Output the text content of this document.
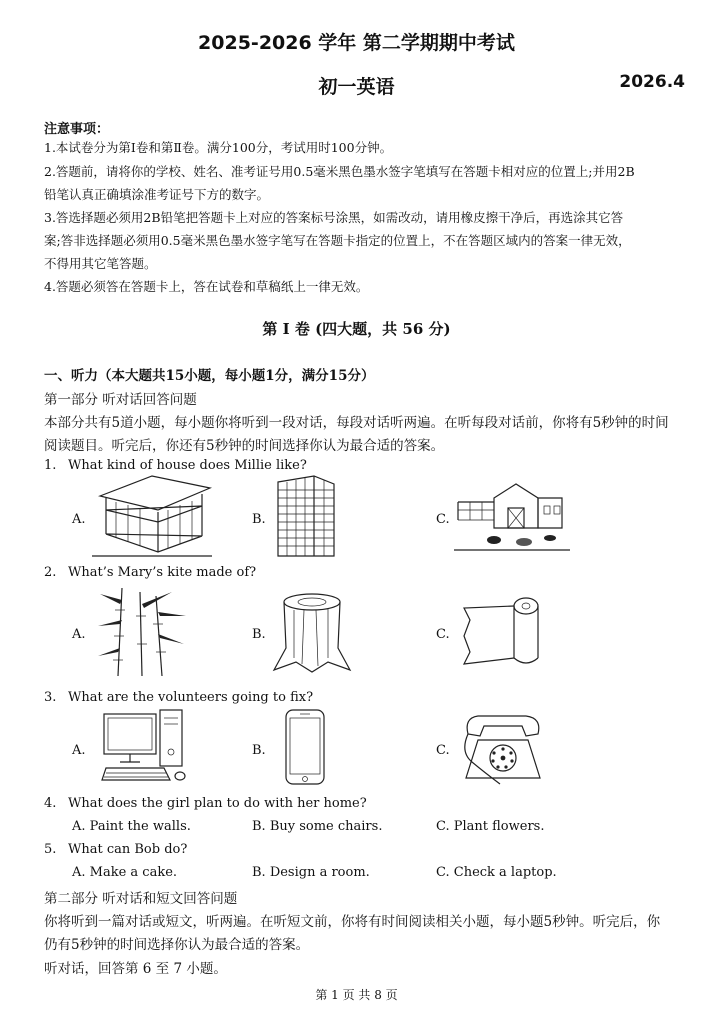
2025-2026 学年 第二学期期中考试
初一英语	2026.4
注意事项：
1.本试卷分为第Ⅰ卷和第Ⅱ卷。满分100分，考试用时100分钟。
2.答题前，请将你的学校、姓名、准考证号用0.5毫米黑色墨水签字笔填写在答题卡相对应的位置上;并用2B
铅笔认真正确填涂准考证号下方的数字。
3.答选择题必须用2B铅笔把答题卡上对应的答案标号涂黑，如需改动，请用橡皮擦干净后，再选涂其它答
案;答非选择题必须用0.5毫米黑色墨水签字笔写在答题卡指定的位置上，不在答题区域内的答案一律无效，
不得用其它笔答题。
4.答题必须答在答题卡上，答在试卷和草稿纸上一律无效。
第 I 卷 (四大题，共 56 分)
一、听力（本大题共15小题，每小题1分，满分15分）
第一部分 听对话回答问题
本部分共有5道小题，每小题你将听到一段对话，每段对话听两遍。在听每段对话前，你将有5秒钟的时间
阅读题目。听完后，你还有5秒钟的时间选择你认为最合适的答案。
1. What kind of house does Millie like?
A.	B.	C.
2. What’s Mary’s kite made of?
A.	B.	C.
3. What are the volunteers going to fix?
A.	B.	C.
4. What does the girl plan to do with her home?
A. Paint the walls.	B. Buy some chairs.	C. Plant flowers.
5. What can Bob do?
A. Make a cake.	B. Design a room.	C. Check a laptop.
第二部分 听对话和短文回答问题
你将听到一篇对话或短文，听两遍。在听短文前，你将有时间阅读相关小题，每小题5秒钟。听完后，你
仍有5秒钟的时间选择你认为最合适的答案。
听对话，回答第 6 至 7 小题。
第 1 页 共 8 页
